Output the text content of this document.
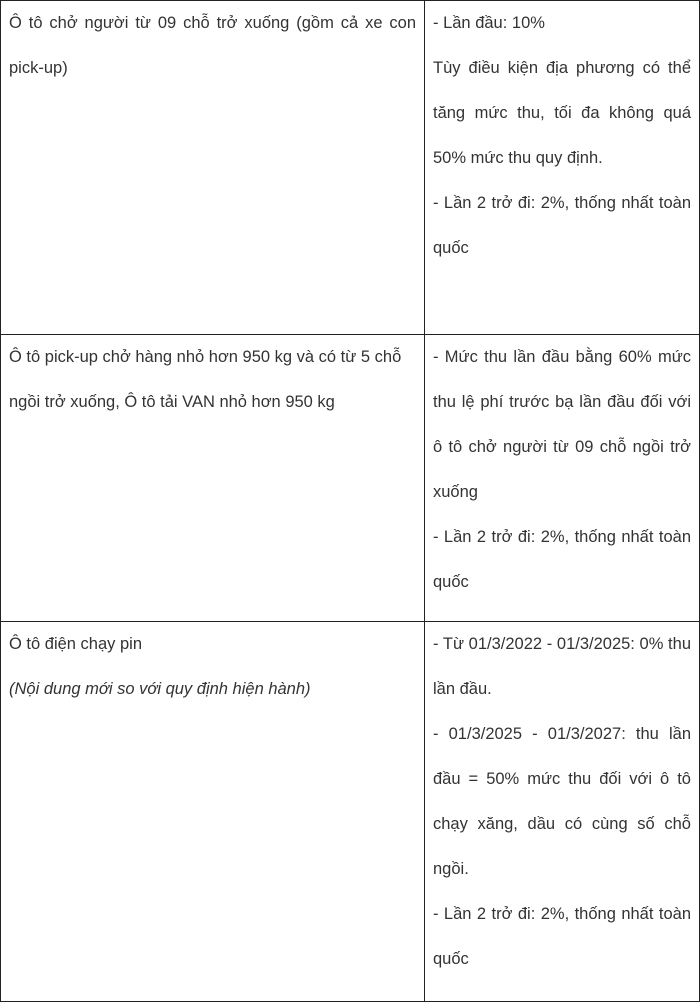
Ô tô chở người từ 09 chỗ trở xuống (gồm cả xe con pick-up)	- Lần đầu: 10%
Tùy điều kiện địa phương có thể tăng mức thu, tối đa không quá 50% mức thu quy định.
- Lần 2 trở đi: 2%, thống nhất toàn quốc

Ô tô pick-up chở hàng nhỏ hơn 950 kg và có từ 5 chỗ ngồi trở xuống, Ô tô tải VAN nhỏ hơn 950 kg	- Mức thu lần đầu bằng 60% mức thu lệ phí trước bạ lần đầu đối với ô tô chở người từ 09 chỗ ngồi trở xuống
- Lần 2 trở đi: 2%, thống nhất toàn quốc

Ô tô điện chạy pin
(Nội dung mới so với quy định hiện hành)	- Từ 01/3/2022 - 01/3/2025: 0% thu lần đầu.
- 01/3/2025 - 01/3/2027: thu lần đầu = 50% mức thu đối với ô tô chạy xăng, dầu có cùng số chỗ ngồi.
- Lần 2 trở đi: 2%, thống nhất toàn quốc
